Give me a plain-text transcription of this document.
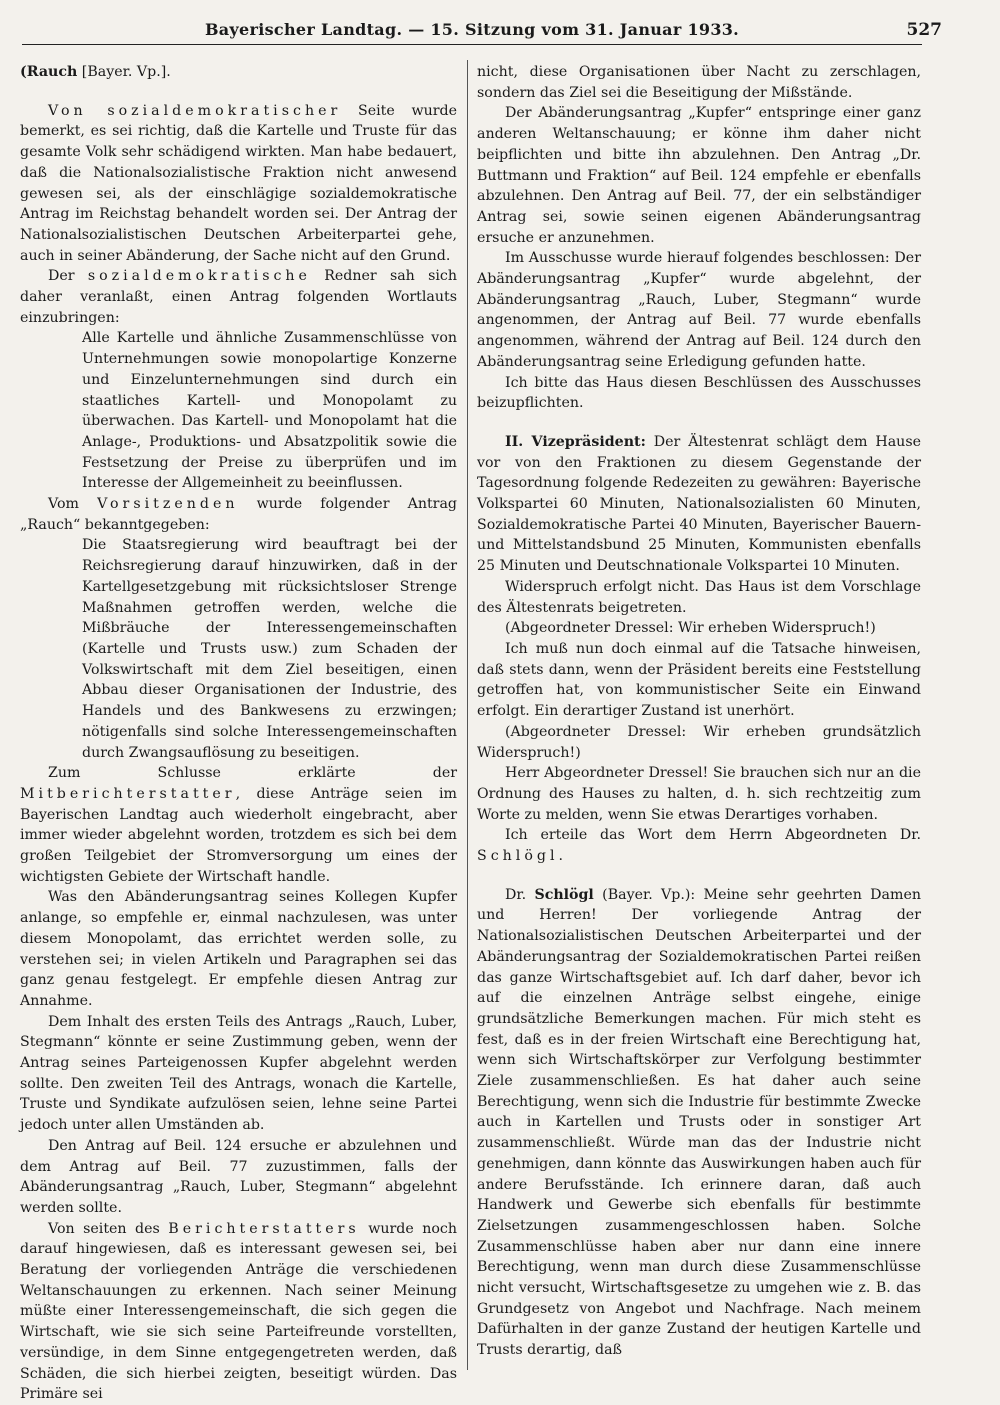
Bayerischer Landtag. — 15. Sitzung vom 31. Januar 1933.	527

(Rauch [Bayer. Vp.].

Von sozialdemokratischer Seite wurde bemerkt, es sei richtig, daß die Kartelle und Truste für das gesamte Volk sehr schädigend wirkten. Man habe bedauert, daß die Nationalsozialistische Fraktion nicht anwesend gewesen sei, als der einschlägige sozialdemokratische Antrag im Reichstag behandelt worden sei. Der Antrag der Nationalsozialistischen Deutschen Arbeiterpartei gehe, auch in seiner Abänderung, der Sache nicht auf den Grund.

Der sozialdemokratische Redner sah sich daher veranlaßt, einen Antrag folgenden Wortlauts einzubringen:

Alle Kartelle und ähnliche Zusammenschlüsse von Unternehmungen sowie monopolartige Konzerne und Einzelunternehmungen sind durch ein staatliches Kartell- und Monopolamt zu überwachen. Das Kartell- und Monopolamt hat die Anlage-, Produktions- und Absatzpolitik sowie die Festsetzung der Preise zu überprüfen und im Interesse der Allgemeinheit zu beeinflussen.

Vom Vorsitzenden wurde folgender Antrag „Rauch“ bekanntgegeben:

Die Staatsregierung wird beauftragt bei der Reichsregierung darauf hinzuwirken, daß in der Kartellgesetzgebung mit rücksichtsloser Strenge Maßnahmen getroffen werden, welche die Mißbräuche der Interessengemeinschaften (Kartelle und Trusts usw.) zum Schaden der Volkswirtschaft mit dem Ziel beseitigen, einen Abbau dieser Organisationen der Industrie, des Handels und des Bankwesens zu erzwingen; nötigenfalls sind solche Interessengemeinschaften durch Zwangsauflösung zu beseitigen.

Zum Schlusse erklärte der Mitberichterstatter, diese Anträge seien im Bayerischen Landtag auch wiederholt eingebracht, aber immer wieder abgelehnt worden, trotzdem es sich bei dem großen Teilgebiet der Stromversorgung um eines der wichtigsten Gebiete der Wirtschaft handle.

Was den Abänderungsantrag seines Kollegen Kupfer anlange, so empfehle er, einmal nachzulesen, was unter diesem Monopolamt, das errichtet werden solle, zu verstehen sei; in vielen Artikeln und Paragraphen sei das ganz genau festgelegt. Er empfehle diesen Antrag zur Annahme.

Dem Inhalt des ersten Teils des Antrags „Rauch, Luber, Stegmann“ könnte er seine Zustimmung geben, wenn der Antrag seines Parteigenossen Kupfer abgelehnt werden sollte. Den zweiten Teil des Antrags, wonach die Kartelle, Truste und Syndikate aufzulösen seien, lehne seine Partei jedoch unter allen Umständen ab.

Den Antrag auf Beil. 124 ersuche er abzulehnen und dem Antrag auf Beil. 77 zuzustimmen, falls der Abänderungsantrag „Rauch, Luber, Stegmann“ abgelehnt werden sollte.

Von seiten des Berichterstatters wurde noch darauf hingewiesen, daß es interessant gewesen sei, bei Beratung der vorliegenden Anträge die verschiedenen Weltanschauungen zu erkennen. Nach seiner Meinung müßte einer Interessengemeinschaft, die sich gegen die Wirtschaft, wie sie sich seine Parteifreunde vorstellten, versündige, in dem Sinne entgegengetreten werden, daß Schäden, die sich hierbei zeigten, beseitigt würden. Das Primäre sei

nicht, diese Organisationen über Nacht zu zerschlagen, sondern das Ziel sei die Beseitigung der Mißstände.

Der Abänderungsantrag „Kupfer“ entspringe einer ganz anderen Weltanschauung; er könne ihm daher nicht beipflichten und bitte ihn abzulehnen. Den Antrag „Dr. Buttmann und Fraktion“ auf Beil. 124 empfehle er ebenfalls abzulehnen. Den Antrag auf Beil. 77, der ein selbständiger Antrag sei, sowie seinen eigenen Abänderungsantrag ersuche er anzunehmen.

Im Ausschusse wurde hierauf folgendes beschlossen: Der Abänderungsantrag „Kupfer“ wurde abgelehnt, der Abänderungsantrag „Rauch, Luber, Stegmann“ wurde angenommen, der Antrag auf Beil. 77 wurde ebenfalls angenommen, während der Antrag auf Beil. 124 durch den Abänderungsantrag seine Erledigung gefunden hatte.

Ich bitte das Haus diesen Beschlüssen des Ausschusses beizupflichten.

II. Vizepräsident: Der Ältestenrat schlägt dem Hause vor von den Fraktionen zu diesem Gegenstande der Tagesordnung folgende Redezeiten zu gewähren: Bayerische Volkspartei 60 Minuten, Nationalsozialisten 60 Minuten, Sozialdemokratische Partei 40 Minuten, Bayerischer Bauern- und Mittelstandsbund 25 Minuten, Kommunisten ebenfalls 25 Minuten und Deutschnationale Volkspartei 10 Minuten.

Widerspruch erfolgt nicht. Das Haus ist dem Vorschlage des Ältestenrats beigetreten.

(Abgeordneter Dressel: Wir erheben Widerspruch!)

Ich muß nun doch einmal auf die Tatsache hinweisen, daß stets dann, wenn der Präsident bereits eine Feststellung getroffen hat, von kommunistischer Seite ein Einwand erfolgt. Ein derartiger Zustand ist unerhört.

(Abgeordneter Dressel: Wir erheben grundsätzlich Widerspruch!)

Herr Abgeordneter Dressel! Sie brauchen sich nur an die Ordnung des Hauses zu halten, d. h. sich rechtzeitig zum Worte zu melden, wenn Sie etwas Derartiges vorhaben.

Ich erteile das Wort dem Herrn Abgeordneten Dr. Schlögl.

Dr. Schlögl (Bayer. Vp.): Meine sehr geehrten Damen und Herren! Der vorliegende Antrag der Nationalsozialistischen Deutschen Arbeiterpartei und der Abänderungsantrag der Sozialdemokratischen Partei reißen das ganze Wirtschaftsgebiet auf. Ich darf daher, bevor ich auf die einzelnen Anträge selbst eingehe, einige grundsätzliche Bemerkungen machen. Für mich steht es fest, daß es in der freien Wirtschaft eine Berechtigung hat, wenn sich Wirtschaftskörper zur Verfolgung bestimmter Ziele zusammenschließen. Es hat daher auch seine Berechtigung, wenn sich die Industrie für bestimmte Zwecke auch in Kartellen und Trusts oder in sonstiger Art zusammenschließt. Würde man das der Industrie nicht genehmigen, dann könnte das Auswirkungen haben auch für andere Berufsstände. Ich erinnere daran, daß auch Handwerk und Gewerbe sich ebenfalls für bestimmte Zielsetzungen zusammengeschlossen haben. Solche Zusammenschlüsse haben aber nur dann eine innere Berechtigung, wenn man durch diese Zusammenschlüsse nicht versucht, Wirtschaftsgesetze zu umgehen wie z. B. das Grundgesetz von Angebot und Nachfrage. Nach meinem Dafürhalten in der ganze Zustand der heutigen Kartelle und Trusts derartig, daß
